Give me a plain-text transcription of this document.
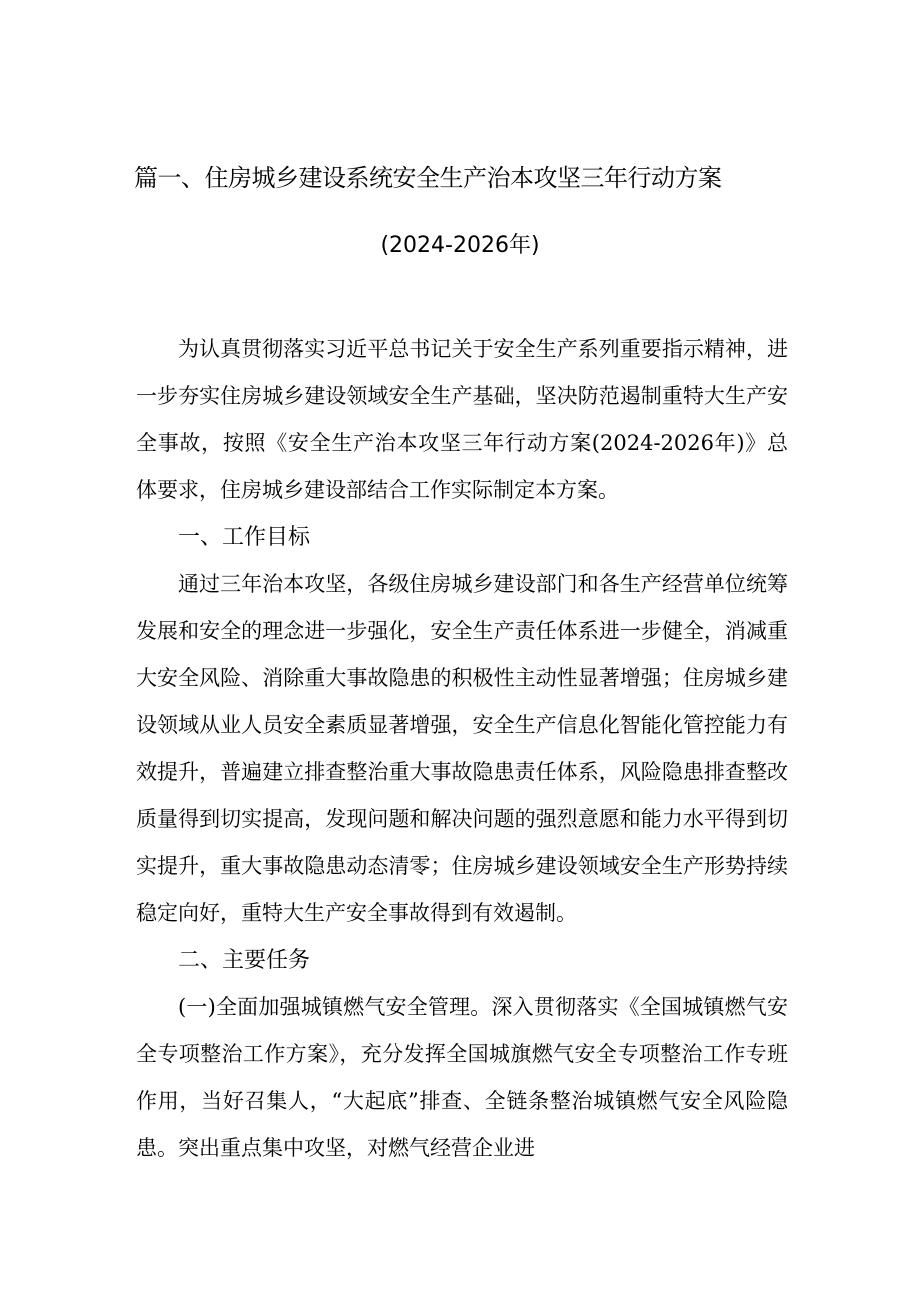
篇一、住房城乡建设系统安全生产治本攻坚三年行动方案
(2024-2026年)

为认真贯彻落实习近平总书记关于安全生产系列重要指示精神，进一步夯实住房城乡建设领域安全生产基础，坚决防范遏制重特大生产安全事故，按照《安全生产治本攻坚三年行动方案(2024-2026年)》总体要求，住房城乡建设部结合工作实际制定本方案。

一、工作目标

通过三年治本攻坚，各级住房城乡建设部门和各生产经营单位统筹发展和安全的理念进一步强化，安全生产责任体系进一步健全，消减重大安全风险、消除重大事故隐患的积极性主动性显著增强；住房城乡建设领域从业人员安全素质显著增强，安全生产信息化智能化管控能力有效提升，普遍建立排查整治重大事故隐患责任体系，风险隐患排查整改质量得到切实提高，发现问题和解决问题的强烈意愿和能力水平得到切实提升，重大事故隐患动态清零；住房城乡建设领域安全生产形势持续稳定向好，重特大生产安全事故得到有效遏制。

二、主要任务

(一)全面加强城镇燃气安全管理。深入贯彻落实《全国城镇燃气安全专项整治工作方案》，充分发挥全国城旗燃气安全专项整治工作专班作用，当好召集人，“大起底”排查、全链条整治城镇燃气安全风险隐患。突出重点集中攻坚，对燃气经营企业进
